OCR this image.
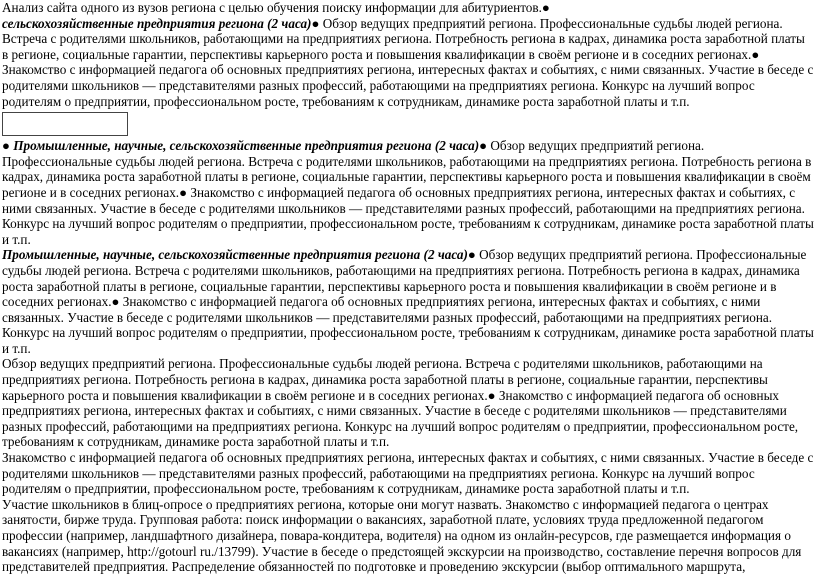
Анализ сайта одного из вузов региона с целью обучения поиску информации для абитуриентов.●

сельскохозяйственные предприятия региона (2 часа)● Обзор ведущих предприятий региона. Профессиональные судьбы людей региона. Встреча с родителями школьников, работающими на предприятиях региона. Потребность региона в кадрах, динамика роста заработной платы в регионе, социальные гарантии, перспективы карьерного роста и повышения квалификации в своём регионе и в соседних регионах.● Знакомство с информацией педагога об основных предприятиях региона, интересных фактах и событиях, с ними связанных. Участие в беседе с родителями школьников — представителями разных профессий, работающими на предприятиях региона. Конкурс на лучший вопрос родителям о предприятии, профессиональном росте, требованиям к сотрудникам, динамике роста заработной платы и т.п.

● Промышленные, научные, сельскохозяйственные предприятия региона (2 часа)● Обзор ведущих предприятий региона. Профессиональные судьбы людей региона. Встреча с родителями школьников, работающими на предприятиях региона. Потребность региона в кадрах, динамика роста заработной платы в регионе, социальные гарантии, перспективы карьерного роста и повышения квалификации в своём регионе и в соседних регионах.● Знакомство с информацией педагога об основных предприятиях региона, интересных фактах и событиях, с ними связанных. Участие в беседе с родителями школьников — представителями разных профессий, работающими на предприятиях региона. Конкурс на лучший вопрос родителям о предприятии, профессиональном росте, требованиям к сотрудникам, динамике роста заработной платы и т.п.

Промышленные, научные, сельскохозяйственные предприятия региона (2 часа)● Обзор ведущих предприятий региона. Профессиональные судьбы людей региона. Встреча с родителями школьников, работающими на предприятиях региона. Потребность региона в кадрах, динамика роста заработной платы в регионе, социальные гарантии, перспективы карьерного роста и повышения квалификации в своём регионе и в соседних регионах.● Знакомство с информацией педагога об основных предприятиях региона, интересных фактах и событиях, с ними связанных. Участие в беседе с родителями школьников — представителями разных профессий, работающими на предприятиях региона. Конкурс на лучший вопрос родителям о предприятии, профессиональном росте, требованиям к сотрудникам, динамике роста заработной платы и т.п.

Обзор ведущих предприятий региона. Профессиональные судьбы людей региона. Встреча с родителями школьников, работающими на предприятиях региона. Потребность региона в кадрах, динамика роста заработной платы в регионе, социальные гарантии, перспективы карьерного роста и повышения квалификации в своём регионе и в соседних регионах.● Знакомство с информацией педагога об основных предприятиях региона, интересных фактах и событиях, с ними связанных. Участие в беседе с родителями школьников — представителями разных профессий, работающими на предприятиях региона. Конкурс на лучший вопрос родителям о предприятии, профессиональном росте, требованиям к сотрудникам, динамике роста заработной платы и т.п.

Знакомство с информацией педагога об основных предприятиях региона, интересных фактах и событиях, с ними связанных. Участие в беседе с родителями школьников — представителями разных профессий, работающими на предприятиях региона. Конкурс на лучший вопрос родителям о предприятии, профессиональном росте, требованиям к сотрудникам, динамике роста заработной платы и т.п.

Участие школьников в блиц-опросе о предприятиях региона, которые они могут назвать. Знакомство с информацией педагога о центрах занятости, бирже труда. Групповая работа: поиск информации о вакансиях, заработной плате, условиях труда предложенной педагогом профессии (например, ландшафтного дизайнера, повара-кондитера, водителя) на одном из онлайн-ресурсов, где размещается информация о вакансиях (например, http://gotourl ru./13799). Участие в беседе о предстоящей экскурсии на производство, составление перечня вопросов для представителей предприятия. Распределение обязанностей по подготовке и проведению экскурсии (выбор оптимального маршрута,
